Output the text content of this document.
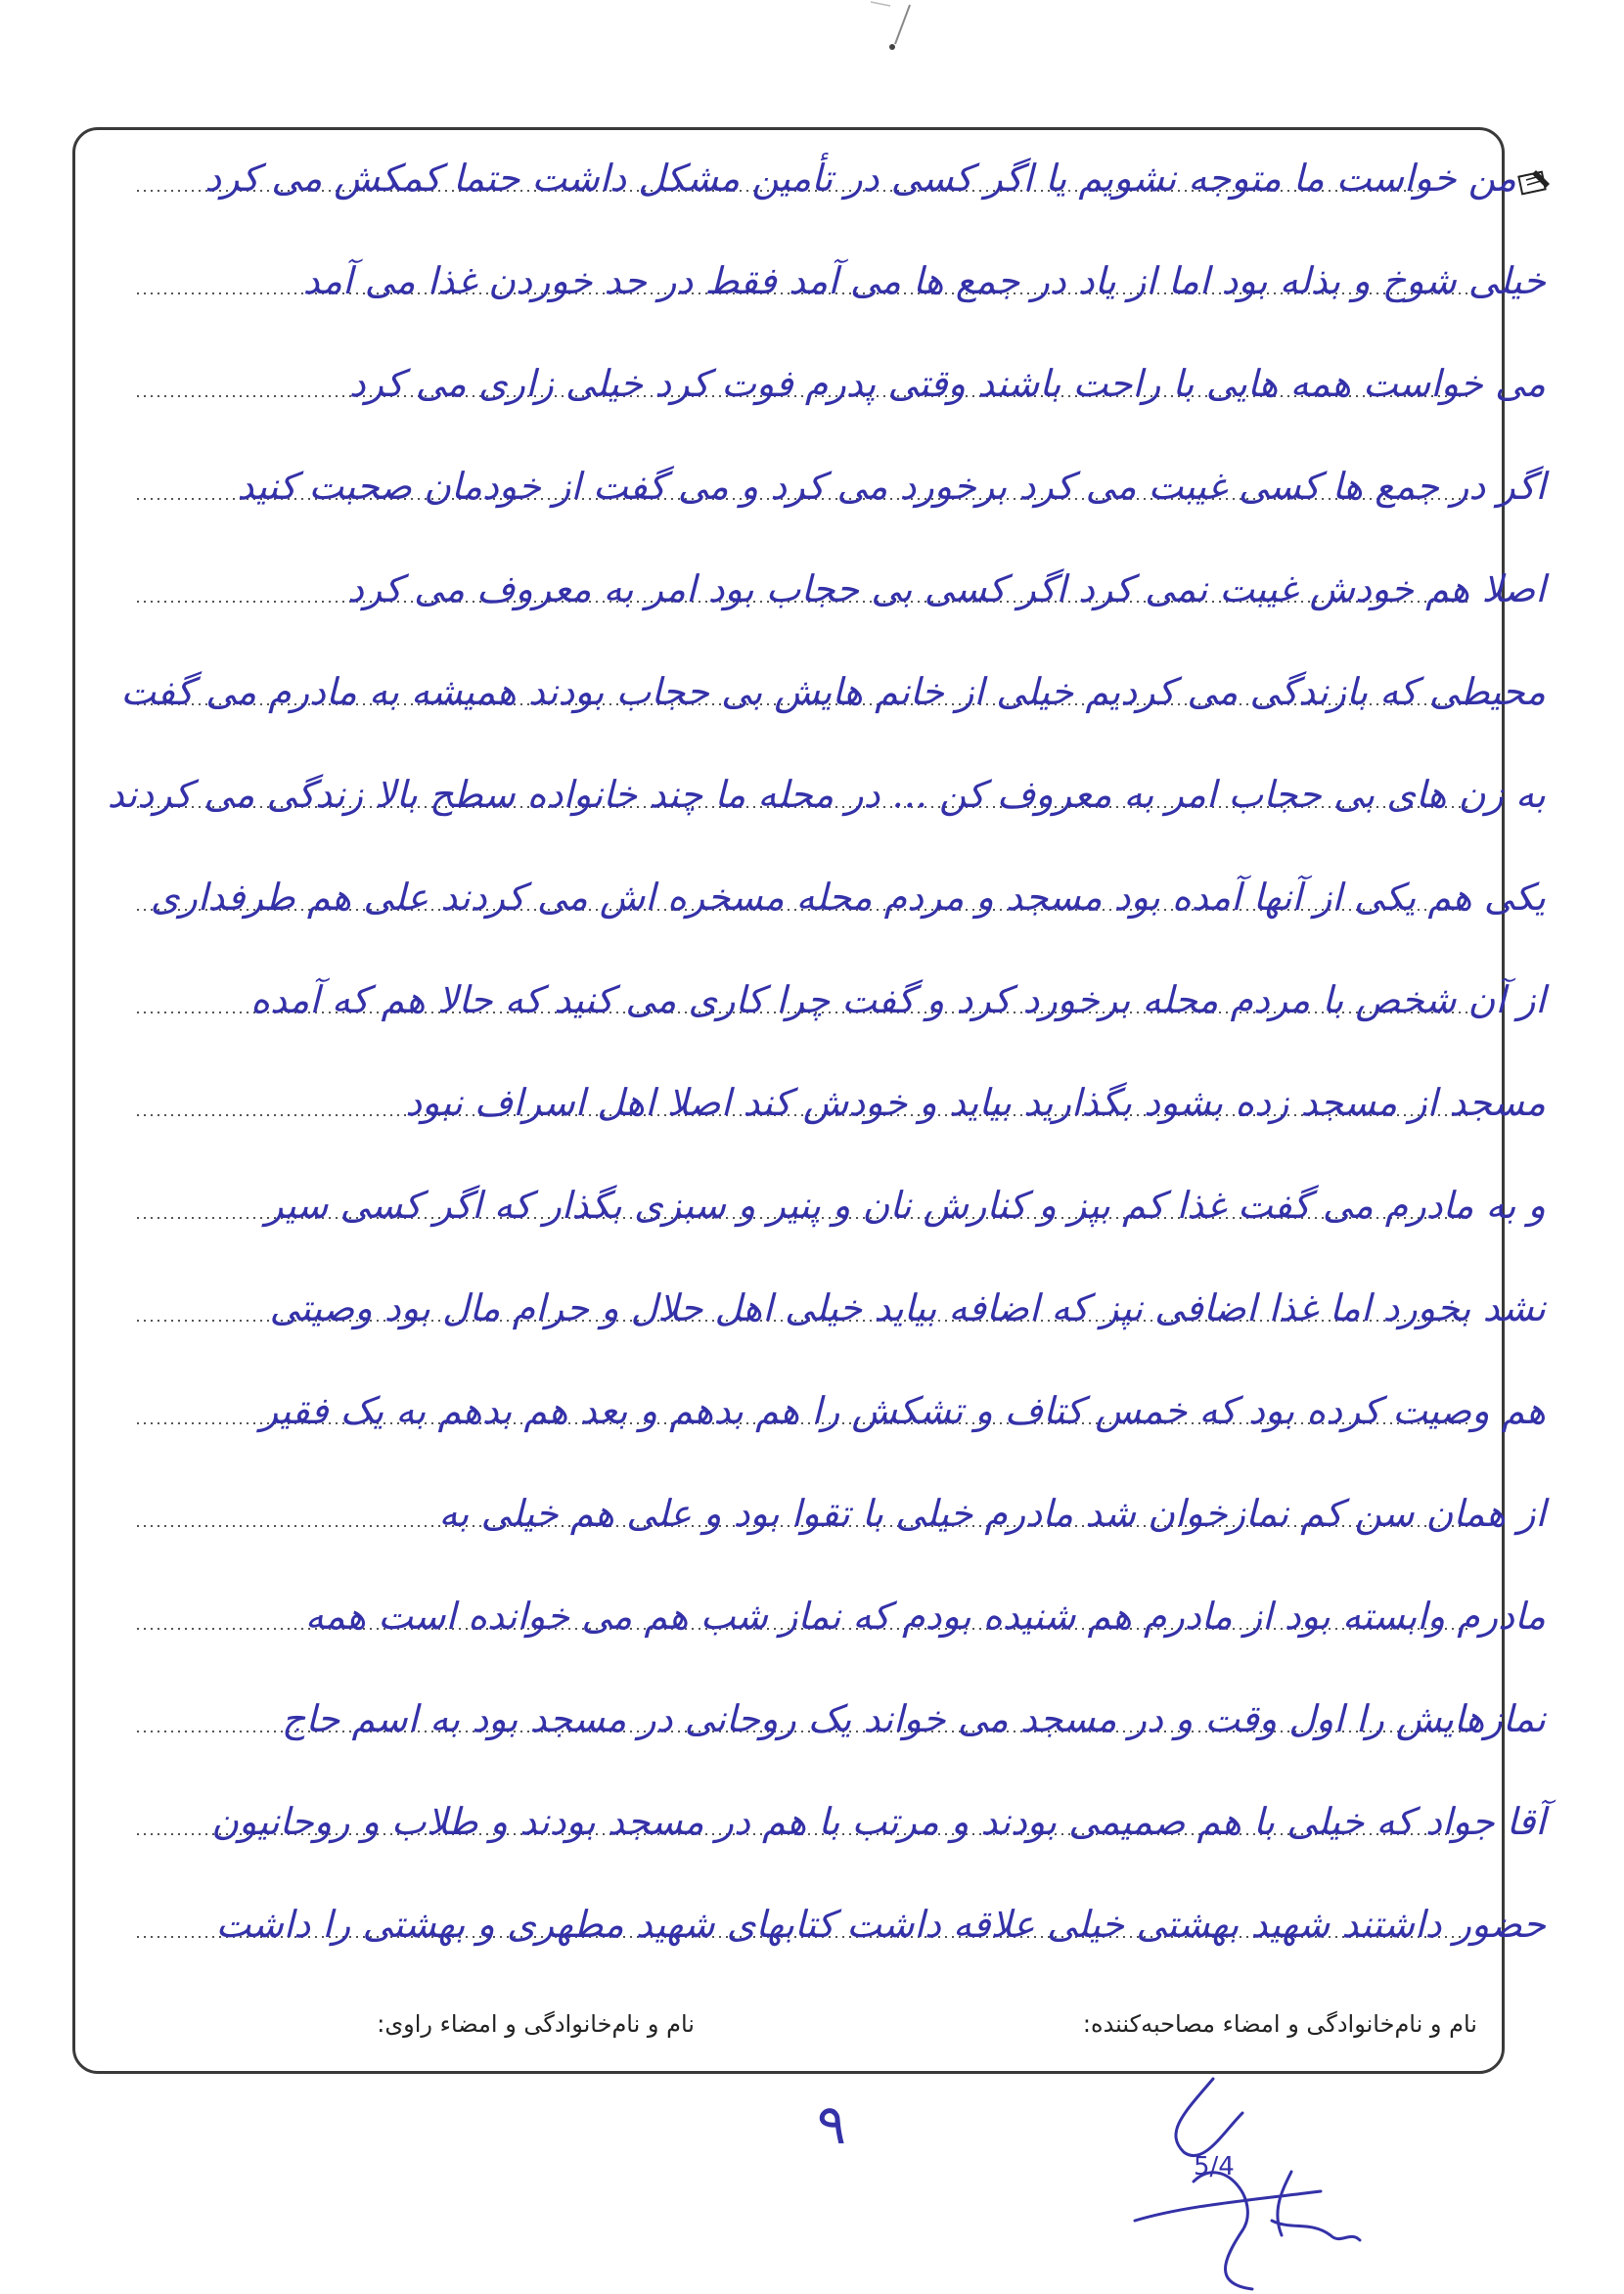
من خواست ما متوجه نشویم یا اگر کسی در تأمین مشکل داشت حتما کمکش می کرد
خیلی شوخ و بذله بود اما از یاد در جمع ها می آمد فقط در حد خوردن غذا می آمد
می خواست همه هایی با راحت باشند وقتی پدرم فوت کرد خیلی زاری می کرد
اگر در جمع ها کسی غیبت می کرد برخورد می کرد و می گفت از خودمان صحبت کنید
اصلا هم خودش غیبت نمی کرد اگر کسی بی حجاب بود امر به معروف می کرد
محیطی که بازندگی می کردیم خیلی از خانم هایش بی حجاب بودند همیشه به مادرم می گفت
به زن های بی حجاب امر به معروف کن ... در محله ما چند خانواده سطح بالا زندگی می کردند
یکی هم یکی از آنها آمده بود مسجد و مردم محله مسخره اش می کردند علی هم طرفداری
از آن شخص با مردم محله برخورد کرد و گفت چرا کاری می کنید که حالا هم که آمده
مسجد از مسجد زده بشود بگذارید بیاید و خودش کند اصلا اهل اسراف نبود
و به مادرم می گفت غذا کم بپز و کنارش نان و پنیر و سبزی بگذار که اگر کسی سیر
نشد بخورد اما غذا اضافی نپز که اضافه بیاید خیلی اهل حلال و حرام مال بود وصیتی
هم وصیت کرده بود که خمس کتاف و تشکش را هم بدهم و بعد هم بدهم به یک فقیر
از همان سن کم نمازخوان شد مادرم خیلی با تقوا بود و علی هم خیلی به
مادرم وابسته بود از مادرم هم شنیده بودم که نماز شب هم می خوانده است همه
نمازهایش را اول وقت و در مسجد می خواند یک روحانی در مسجد بود به اسم حاج
آقا جواد که خیلی با هم صمیمی بودند و مرتب با هم در مسجد بودند و طلاب و روحانیون
حضور داشتند شهید بهشتی خیلی علاقه داشت کتابهای شهید مطهری و بهشتی را داشت
نام و نام‌خانوادگی و امضاء مصاحبه‌کننده:
نام و نام‌خانوادگی و امضاء راوی:
۹
5/4
